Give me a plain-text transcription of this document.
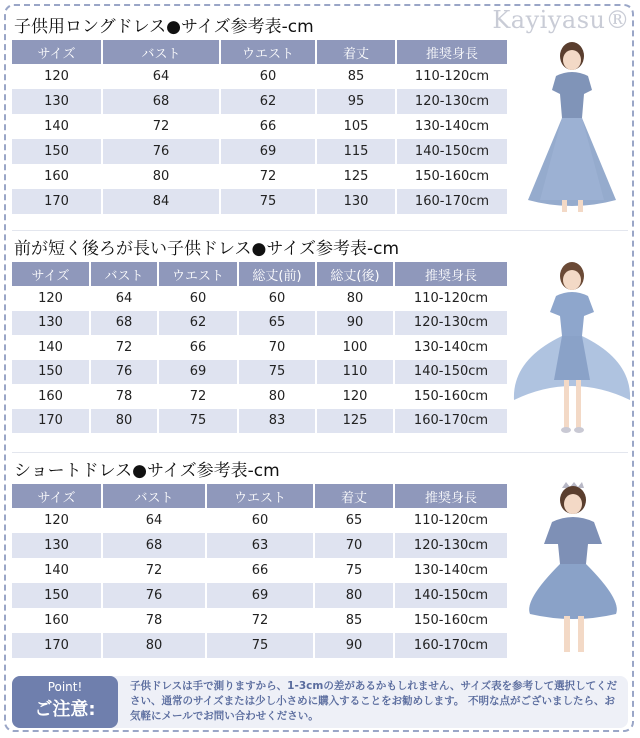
Kayiyasu®
子供用ロングドレス●サイズ参考表-cm
サイズ	バスト	ウエスト	着丈	推奨身長
120	64	60	85	110-120cm
130	68	62	95	120-130cm
140	72	66	105	130-140cm
150	76	69	115	140-150cm
160	80	72	125	150-160cm
170	84	75	130	160-170cm
前が短く後ろが長い子供ドレス●サイズ参考表-cm
サイズ	バスト	ウエスト	総丈(前)	総丈(後)	推奨身長
120	64	60	60	80	110-120cm
130	68	62	65	90	120-130cm
140	72	66	70	100	130-140cm
150	76	69	75	110	140-150cm
160	78	72	80	120	150-160cm
170	80	75	83	125	160-170cm
ショートドレス●サイズ参考表-cm
サイズ	バスト	ウエスト	着丈	推奨身長
120	64	60	65	110-120cm
130	68	63	70	120-130cm
140	72	66	75	130-140cm
150	76	69	80	140-150cm
160	78	72	85	150-160cm
170	80	75	90	160-170cm
Point!
ご注意:
子供ドレスは手で測りますから、1-3cmの差があるかもしれません、サイズ表を参考して選択してください、通常のサイズまたは少し小さめに購入することをお勧めします。 不明な点がございましたら、お気軽にメールでお問い合わせください。
